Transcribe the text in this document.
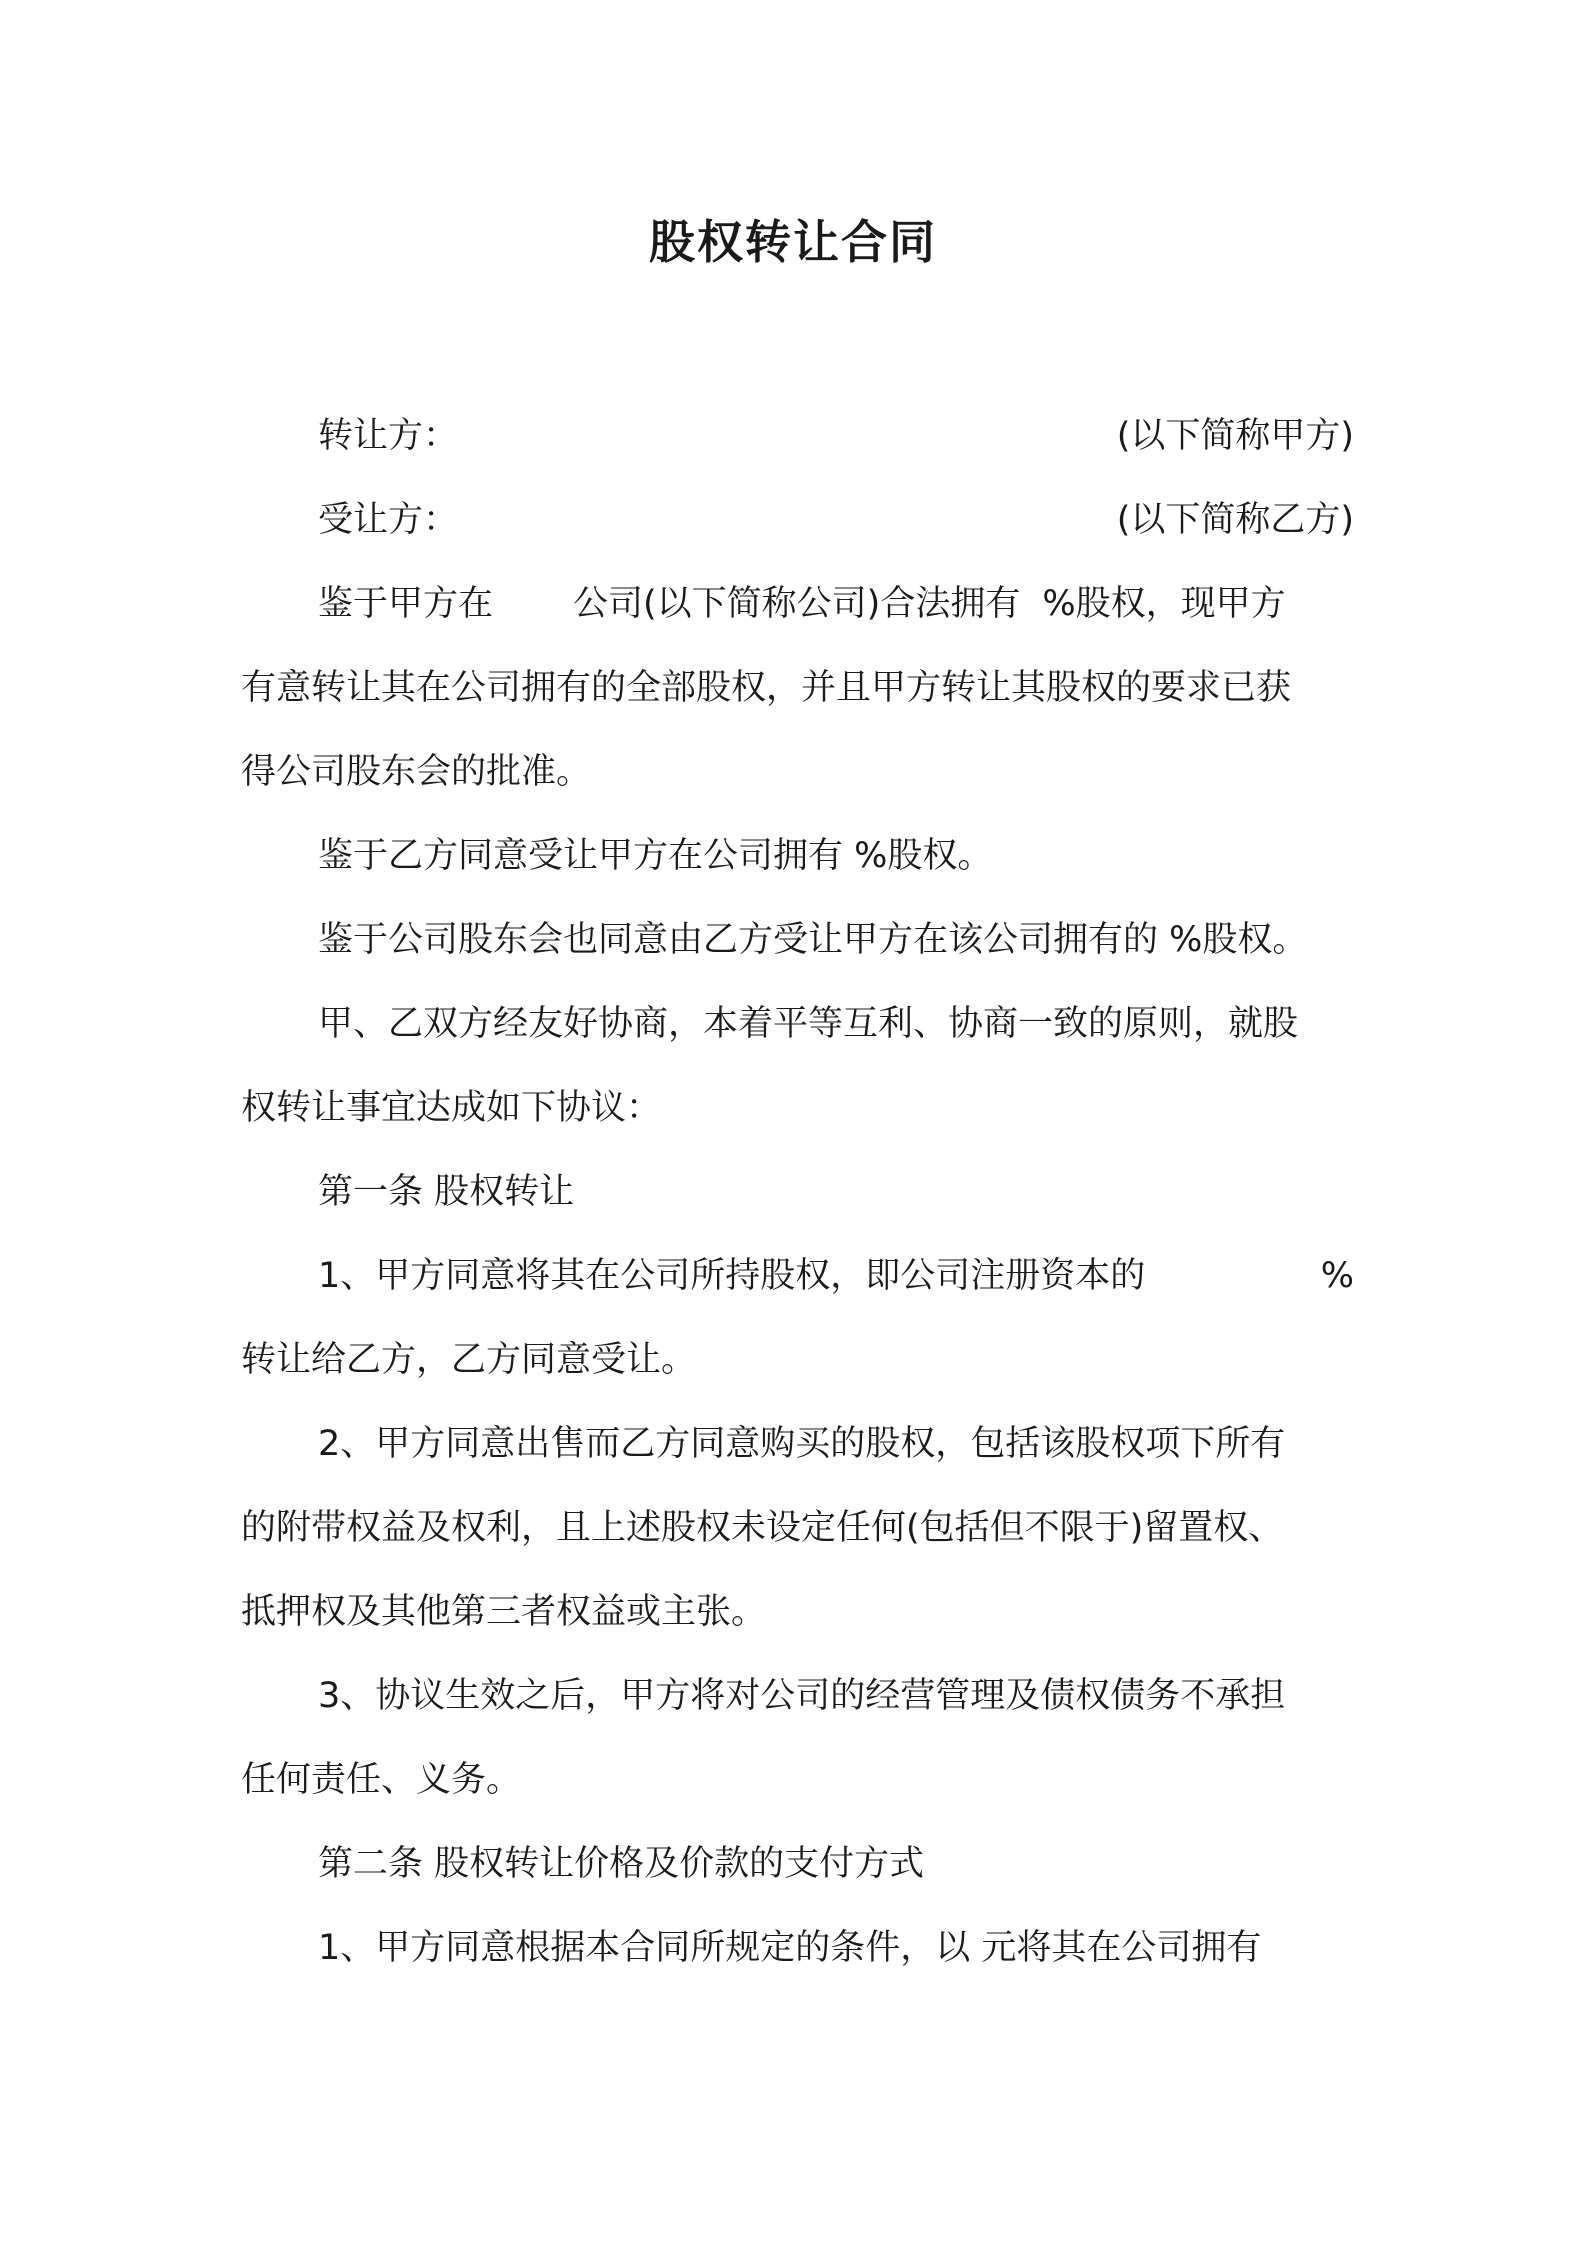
股权转让合同
转让方：	(以下简称甲方)
受让方：	(以下简称乙方)
鉴于甲方在 公司(以下简称公司)合法拥有 %股权，现甲方
有意转让其在公司拥有的全部股权，并且甲方转让其股权的要求已获
得公司股东会的批准。
鉴于乙方同意受让甲方在公司拥有 %股权。
鉴于公司股东会也同意由乙方受让甲方在该公司拥有的 %股权。
甲、乙双方经友好协商，本着平等互利、协商一致的原则，就股
权转让事宜达成如下协议：
第一条 股权转让
1、甲方同意将其在公司所持股权，即公司注册资本的	%
转让给乙方，乙方同意受让。
2、甲方同意出售而乙方同意购买的股权，包括该股权项下所有
的附带权益及权利，且上述股权未设定任何(包括但不限于)留置权、
抵押权及其他第三者权益或主张。
3、协议生效之后，甲方将对公司的经营管理及债权债务不承担
任何责任、义务。
第二条 股权转让价格及价款的支付方式
1、甲方同意根据本合同所规定的条件，以 元将其在公司拥有
